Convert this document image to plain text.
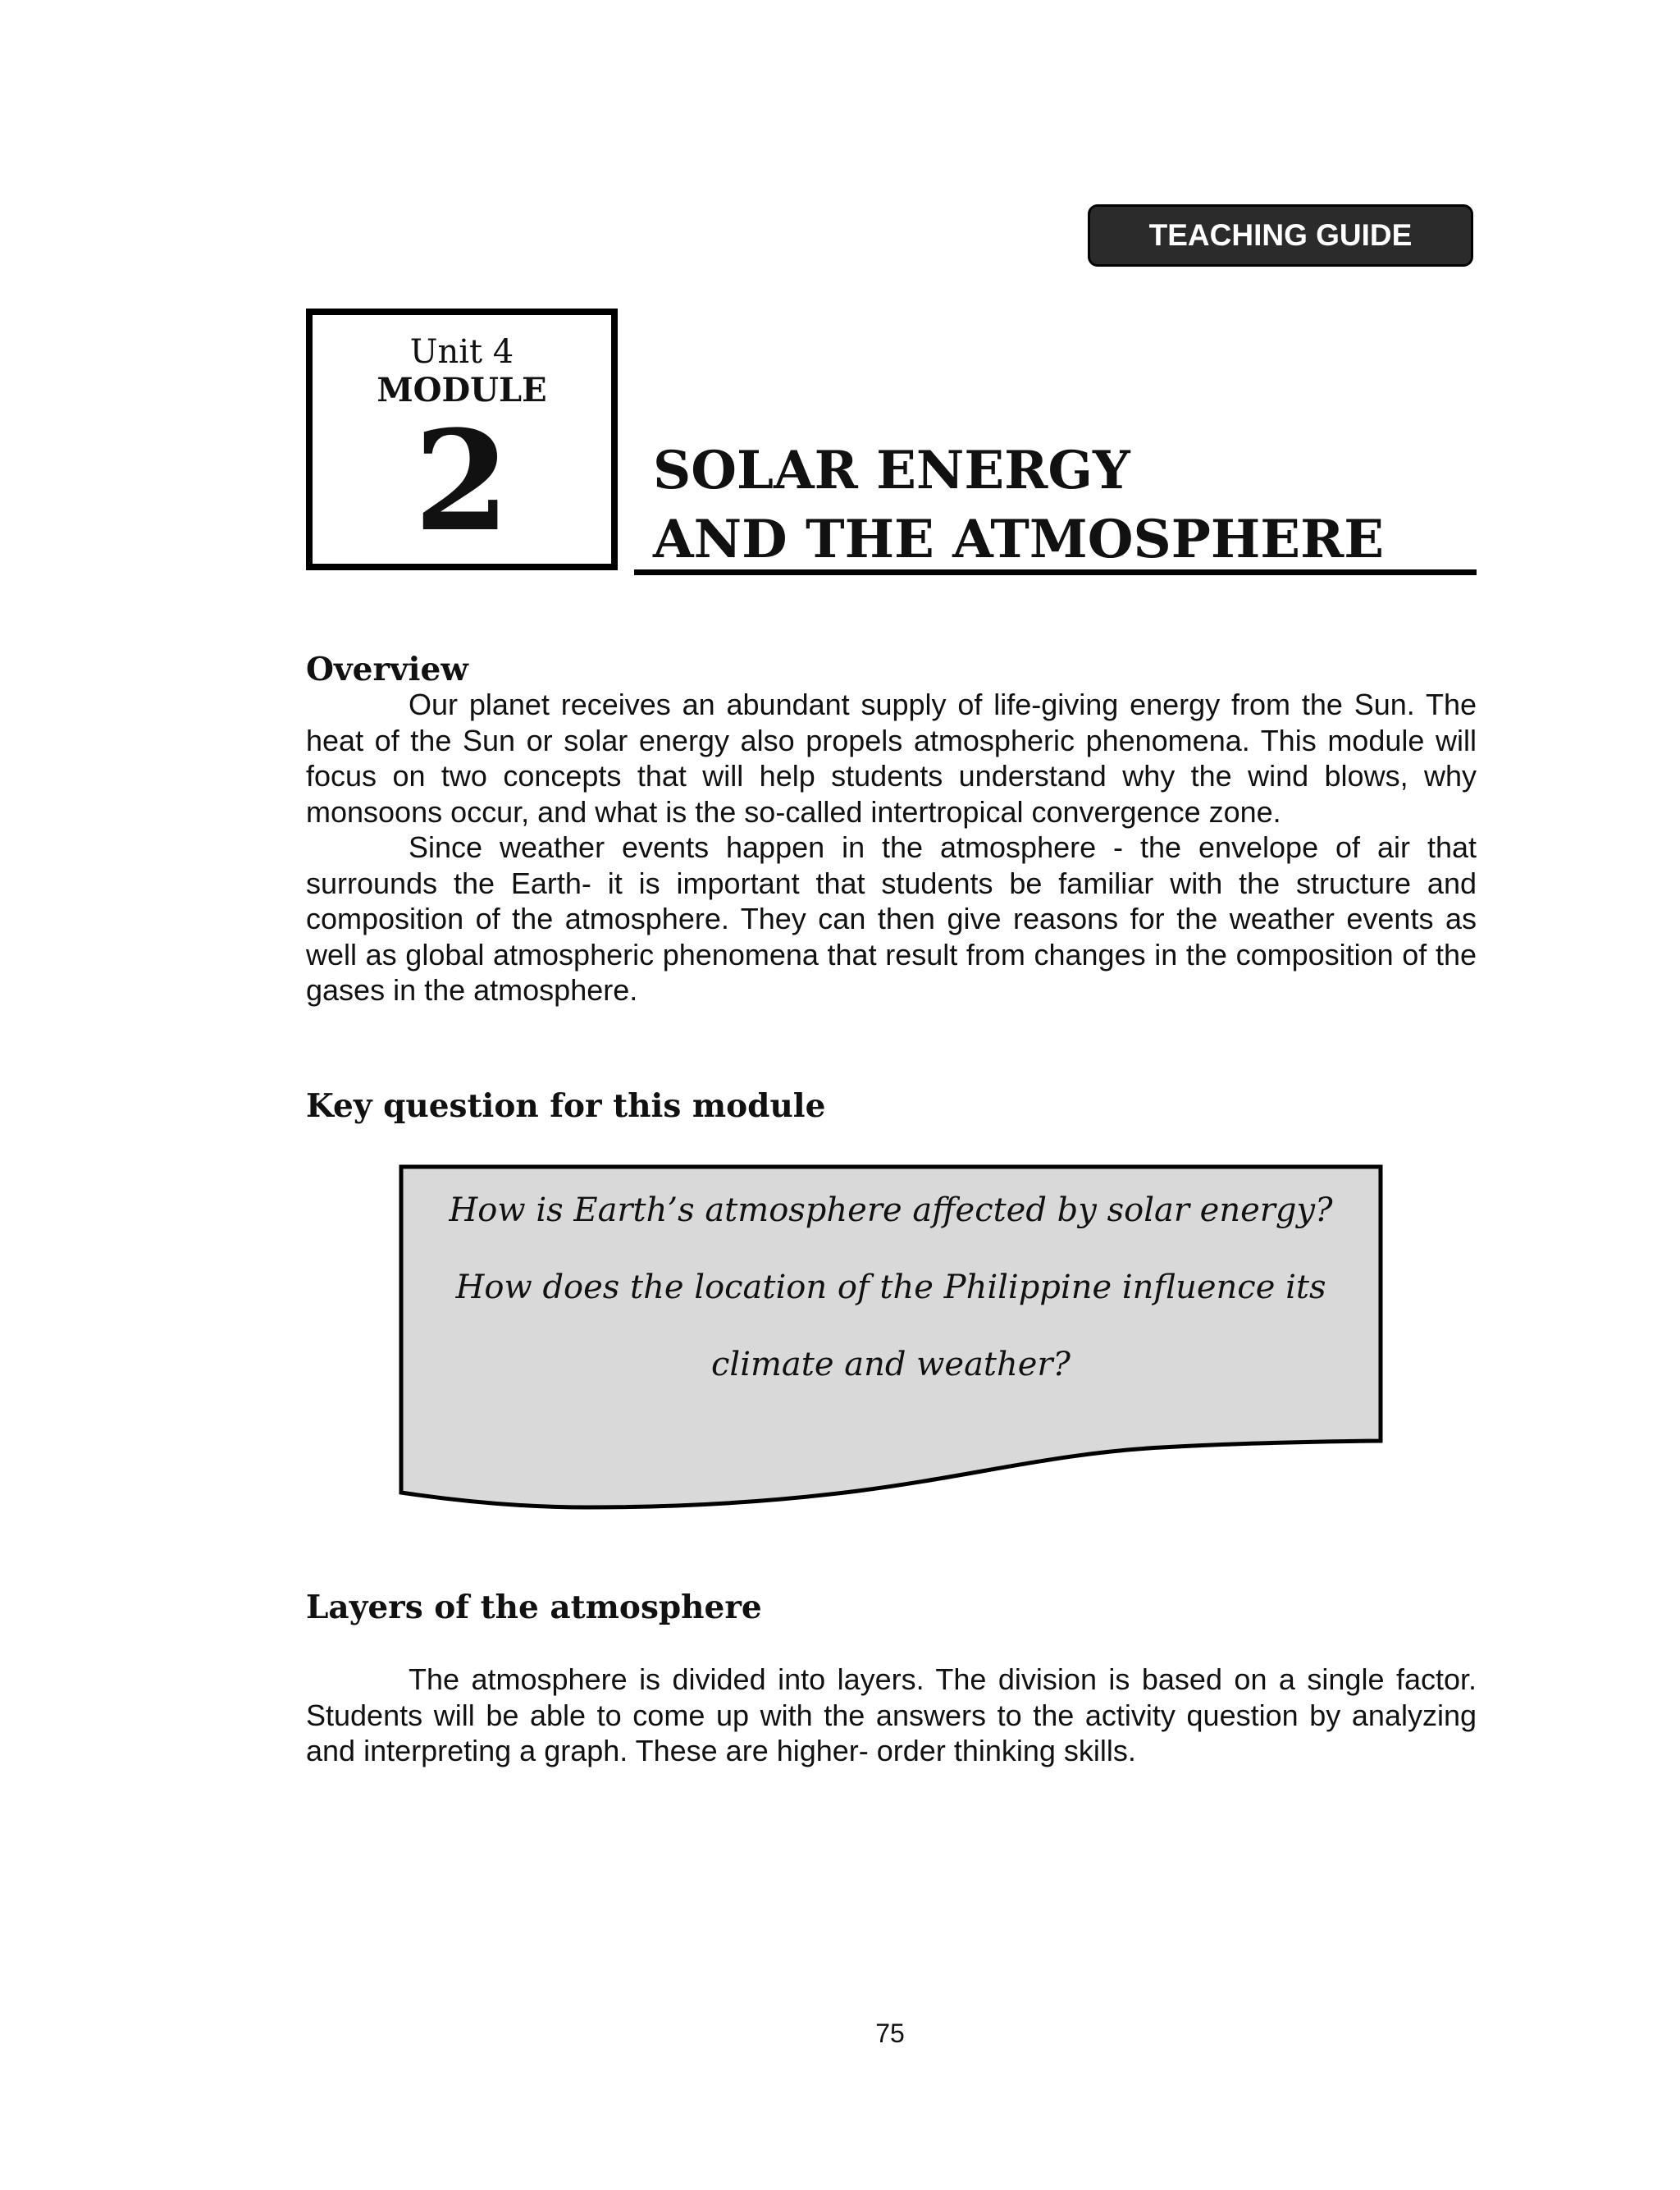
TEACHING GUIDE
Unit 4
MODULE
2	SOLAR ENERGY
AND THE ATMOSPHERE
Overview

Our planet receives an abundant supply of life-giving energy from the Sun. The heat of the Sun or solar energy also propels atmospheric phenomena. This module will focus on two concepts that will help students understand why the wind blows, why monsoons occur, and what is the so-called intertropical convergence zone.

Since weather events happen in the atmosphere - the envelope of air that surrounds the Earth- it is important that students be familiar with the structure and composition of the atmosphere. They can then give reasons for the weather events as well as global atmospheric phenomena that result from changes in the composition of the gases in the atmosphere.

Key question for this module
How is Earth’s atmosphere affected by solar energy?
How does the location of the Philippine influence its
climate and weather?
Layers of the atmosphere

The atmosphere is divided into layers. The division is based on a single factor. Students will be able to come up with the answers to the activity question by analyzing and interpreting a graph. These are higher- order thinking skills.

75
